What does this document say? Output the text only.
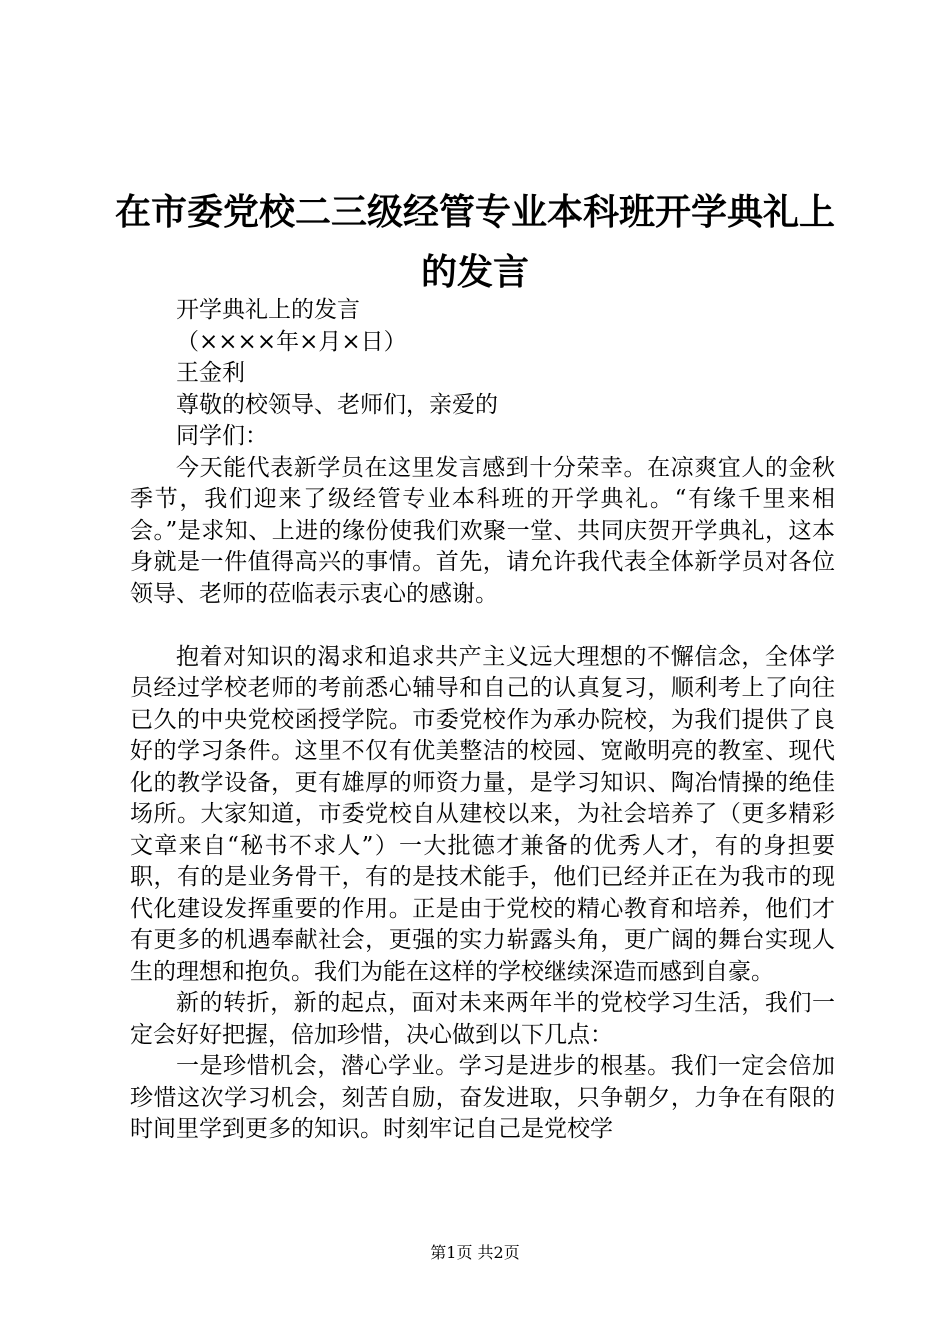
在市委党校二三级经管专业本科班开学典礼上
的发言

开学典礼上的发言

（××××年×月×日）

王金利

尊敬的校领导、老师们，亲爱的

同学们：

今天能代表新学员在这里发言感到十分荣幸。在凉爽宜人的金秋季节，我们迎来了级经管专业本科班的开学典礼。“有缘千里来相会。”是求知、上进的缘份使我们欢聚一堂、共同庆贺开学典礼，这本身就是一件值得高兴的事情。首先，请允许我代表全体新学员对各位领导、老师的莅临表示衷心的感谢。

抱着对知识的渴求和追求共产主义远大理想的不懈信念，全体学员经过学校老师的考前悉心辅导和自己的认真复习，顺利考上了向往已久的中央党校函授学院。市委党校作为承办院校，为我们提供了良好的学习条件。这里不仅有优美整洁的校园、宽敞明亮的教室、现代化的教学设备，更有雄厚的师资力量，是学习知识、陶冶情操的绝佳场所。大家知道，市委党校自从建校以来，为社会培养了（更多精彩文章来自“秘书不求人”）一大批德才兼备的优秀人才，有的身担要职，有的是业务骨干，有的是技术能手，他们已经并正在为我市的现代化建设发挥重要的作用。正是由于党校的精心教育和培养，他们才有更多的机遇奉献社会，更强的实力崭露头角，更广阔的舞台实现人生的理想和抱负。我们为能在这样的学校继续深造而感到自豪。

新的转折，新的起点，面对未来两年半的党校学习生活，我们一定会好好把握，倍加珍惜，决心做到以下几点：

一是珍惜机会，潜心学业。学习是进步的根基。我们一定会倍加珍惜这次学习机会，刻苦自励，奋发进取，只争朝夕，力争在有限的时间里学到更多的知识。时刻牢记自己是党校学

第1页 共2页
